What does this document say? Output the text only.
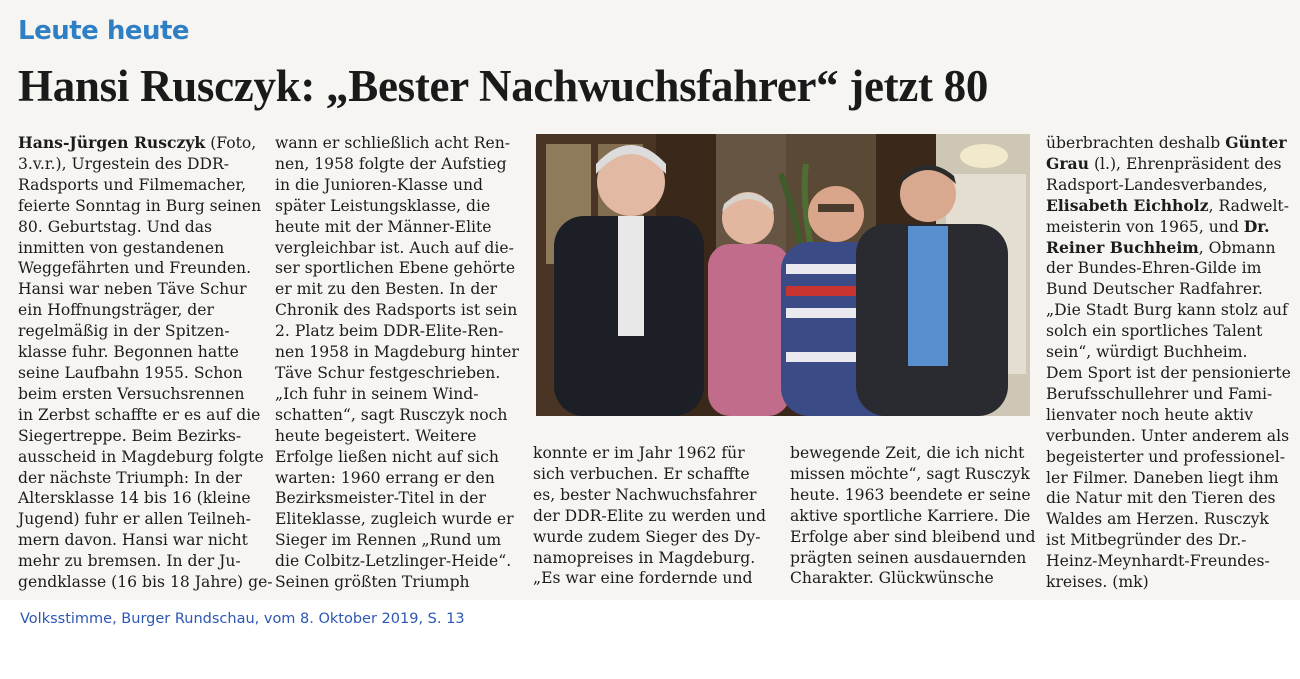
Leute heute
Hansi Rusczyk: „Bester Nachwuchsfahrer“ jetzt 80
Hans-Jürgen Rusczyk (Foto,
3.v.r.), Urgestein des DDR-
Radsports und Filmemacher,
feierte Sonntag in Burg seinen
80. Geburtstag. Und das
inmitten von gestandenen
Weggefährten und Freunden.
Hansi war neben Täve Schur
ein Hoffnungsträger, der
regelmäßig in der Spitzen-
klasse fuhr. Begonnen hatte
seine Laufbahn 1955. Schon
beim ersten Versuchsrennen
in Zerbst schaffte er es auf die
Siegertreppe. Beim Bezirks-
ausscheid in Magdeburg folgte
der nächste Triumph: In der
Altersklasse 14 bis 16 (kleine
Jugend) fuhr er allen Teilneh-
mern davon. Hansi war nicht
mehr zu bremsen. In der Ju-
gendklasse (16 bis 18 Jahre) ge-
wann er schließlich acht Ren-
nen, 1958 folgte der Aufstieg
in die Junioren-Klasse und
später Leistungsklasse, die
heute mit der Männer-Elite
vergleichbar ist. Auch auf die-
ser sportlichen Ebene gehörte
er mit zu den Besten. In der
Chronik des Radsports ist sein
2. Platz beim DDR-Elite-Ren-
nen 1958 in Magdeburg hinter
Täve Schur festgeschrieben.
„Ich fuhr in seinem Wind-
schatten“, sagt Rusczyk noch
heute begeistert. Weitere
Erfolge ließen nicht auf sich
warten: 1960 errang er den
Bezirksmeister-Titel in der
Eliteklasse, zugleich wurde er
Sieger im Rennen „Rund um
die Colbitz-Letzlinger-Heide“.
Seinen größten Triumph
konnte er im Jahr 1962 für
sich verbuchen. Er schaffte
es, bester Nachwuchsfahrer
der DDR-Elite zu werden und
wurde zudem Sieger des Dy-
namopreises in Magdeburg.
„Es war eine fordernde und
bewegende Zeit, die ich nicht
missen möchte“, sagt Rusczyk
heute. 1963 beendete er seine
aktive sportliche Karriere. Die
Erfolge aber sind bleibend und
prägten seinen ausdauernden
Charakter. Glückwünsche
überbrachten deshalb Günter
Grau (l.), Ehrenpräsident des
Radsport-Landesverbandes,
Elisabeth Eichholz, Radwelt-
meisterin von 1965, und Dr.
Reiner Buchheim, Obmann
der Bundes-Ehren-Gilde im
Bund Deutscher Radfahrer.
„Die Stadt Burg kann stolz auf
solch ein sportliches Talent
sein“, würdigt Buchheim.
Dem Sport ist der pensionierte
Berufsschullehrer und Fami-
lienvater noch heute aktiv
verbunden. Unter anderem als
begeisterter und professionel-
ler Filmer. Daneben liegt ihm
die Natur mit den Tieren des
Waldes am Herzen. Rusczyk
ist Mitbegründer des Dr.-
Heinz-Meynhardt-Freundes-
kreises. (mk)
Volksstimme, Burger Rundschau, vom 8. Oktober 2019, S. 13
